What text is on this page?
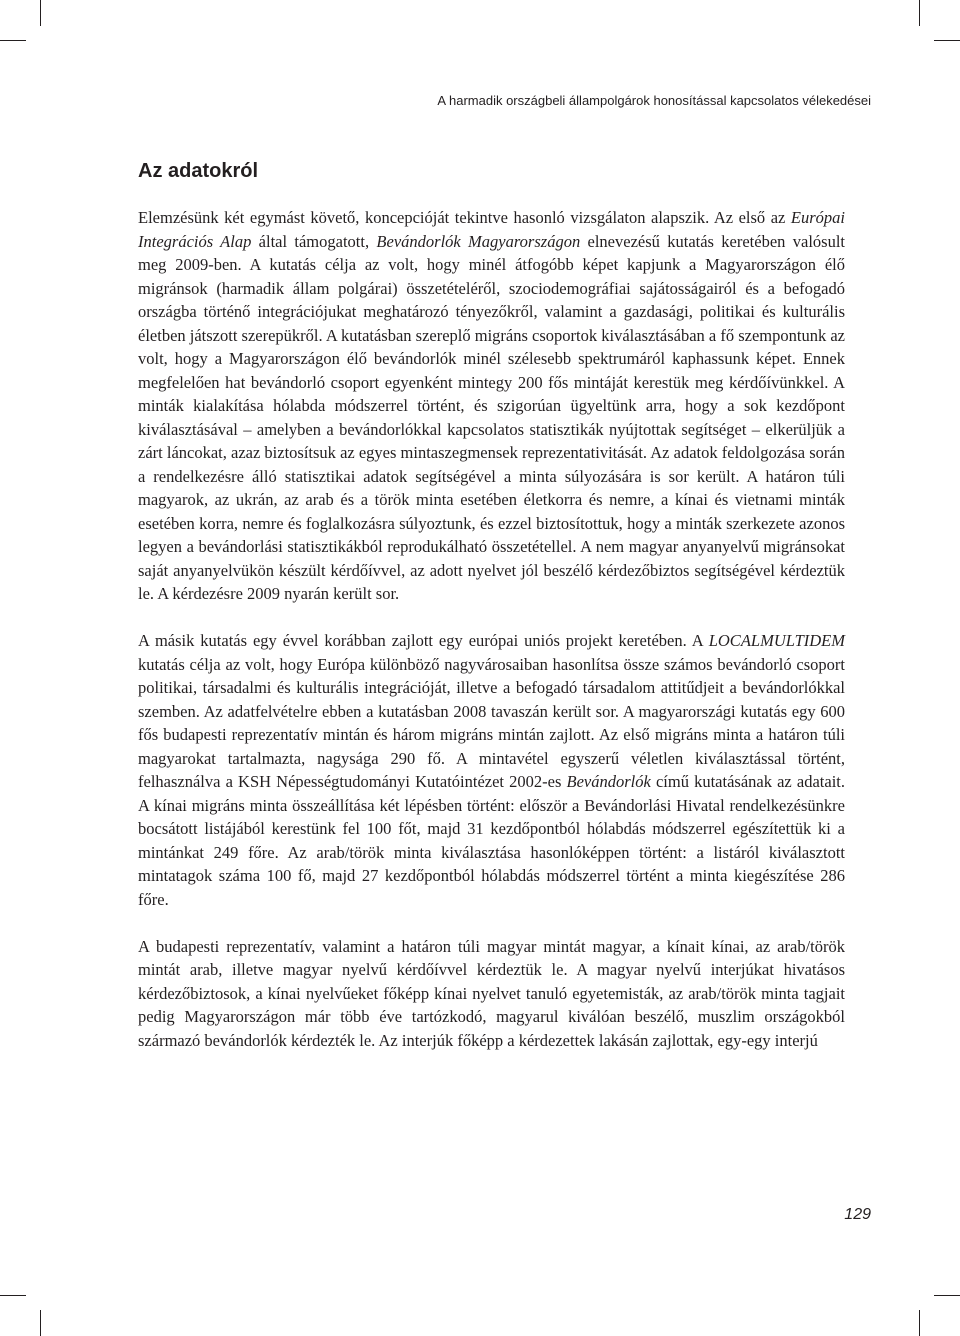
A harmadik országbeli állampolgárok honosítással kapcsolatos vélekedései
Az adatokról

Elemzésünk két egymást követő, koncepcióját tekintve hasonló vizsgálaton alapszik. Az első az Európai Integrációs Alap által támogatott, Bevándorlók Magyarországon elnevezésű kutatás keretében valósult meg 2009-ben. A kutatás célja az volt, hogy minél átfogóbb képet kapjunk a Magyarországon élő migránsok (harmadik állam polgárai) összetételéről, szociodemográfiai sajátosságairól és a befogadó országba történő integrációjukat meghatározó tényezőkről, valamint a gazdasági, politikai és kulturális életben játszott szerepükről. A kutatásban szereplő migráns csoportok kiválasztásában a fő szempontunk az volt, hogy a Magyarországon élő bevándorlók minél szélesebb spektrumáról kaphassunk képet. Ennek megfelelően hat bevándorló csoport egyenként mintegy 200 fős mintáját kerestük meg kérdőívünkkel. A minták kialakítása hólabda módszerrel történt, és szigorúan ügyeltünk arra, hogy a sok kezdőpont kiválasztásával – amelyben a bevándorlókkal kapcsolatos statisztikák nyújtottak segítséget – elkerüljük a zárt láncokat, azaz biztosítsuk az egyes mintaszegmensek reprezentativitását. Az adatok feldolgozása során a rendelkezésre álló statisztikai adatok segítségével a minta súlyozására is sor került. A határon túli magyarok, az ukrán, az arab és a török minta esetében életkorra és nemre, a kínai és vietnami minták esetében korra, nemre és foglalkozásra súlyoztunk, és ezzel biztosítottuk, hogy a minták szerkezete azonos legyen a bevándorlási statisztikákból reprodukálható összetétellel. A nem magyar anyanyelvű migránsokat saját anyanyelvükön készült kérdőívvel, az adott nyelvet jól beszélő kérdezőbiztos segítségével kérdeztük le. A kérdezésre 2009 nyarán került sor.

A másik kutatás egy évvel korábban zajlott egy európai uniós projekt keretében. A LOCALMULTIDEM kutatás célja az volt, hogy Európa különböző nagyvárosaiban hasonlítsa össze számos bevándorló csoport politikai, társadalmi és kulturális integrációját, illetve a befogadó társadalom attitűdjeit a bevándorlókkal szemben. Az adatfelvételre ebben a kutatásban 2008 tavaszán került sor. A magyarországi kutatás egy 600 fős budapesti reprezentatív mintán és három migráns mintán zajlott. Az első migráns minta a határon túli magyarokat tartalmazta, nagysága 290 fő. A mintavétel egyszerű véletlen kiválasztással történt, felhasználva a KSH Népességtudományi Kutatóintézet 2002-es Bevándorlók című kutatásának az adatait. A kínai migráns minta összeállítása két lépésben történt: először a Bevándorlási Hivatal rendelkezésünkre bocsátott listájából kerestünk fel 100 főt, majd 31 kezdőpontból hólabdás módszerrel egészítettük ki a mintánkat 249 főre. Az arab/török minta kiválasztása hasonlóképpen történt: a listáról kiválasztott mintatagok száma 100 fő, majd 27 kezdőpontból hólabdás módszerrel történt a minta kiegészítése 286 főre.

A budapesti reprezentatív, valamint a határon túli magyar mintát magyar, a kínait kínai, az arab/török mintát arab, illetve magyar nyelvű kérdőívvel kérdeztük le. A magyar nyelvű interjúkat hivatásos kérdezőbiztosok, a kínai nyelvűeket főképp kínai nyelvet tanuló egyetemisták, az arab/török minta tagjait pedig Magyarországon már több éve tartózkodó, magyarul kiválóan beszélő, muszlim országokból származó bevándorlók kérdezték le. Az interjúk főképp a kérdezettek lakásán zajlottak, egy-egy interjú

129
